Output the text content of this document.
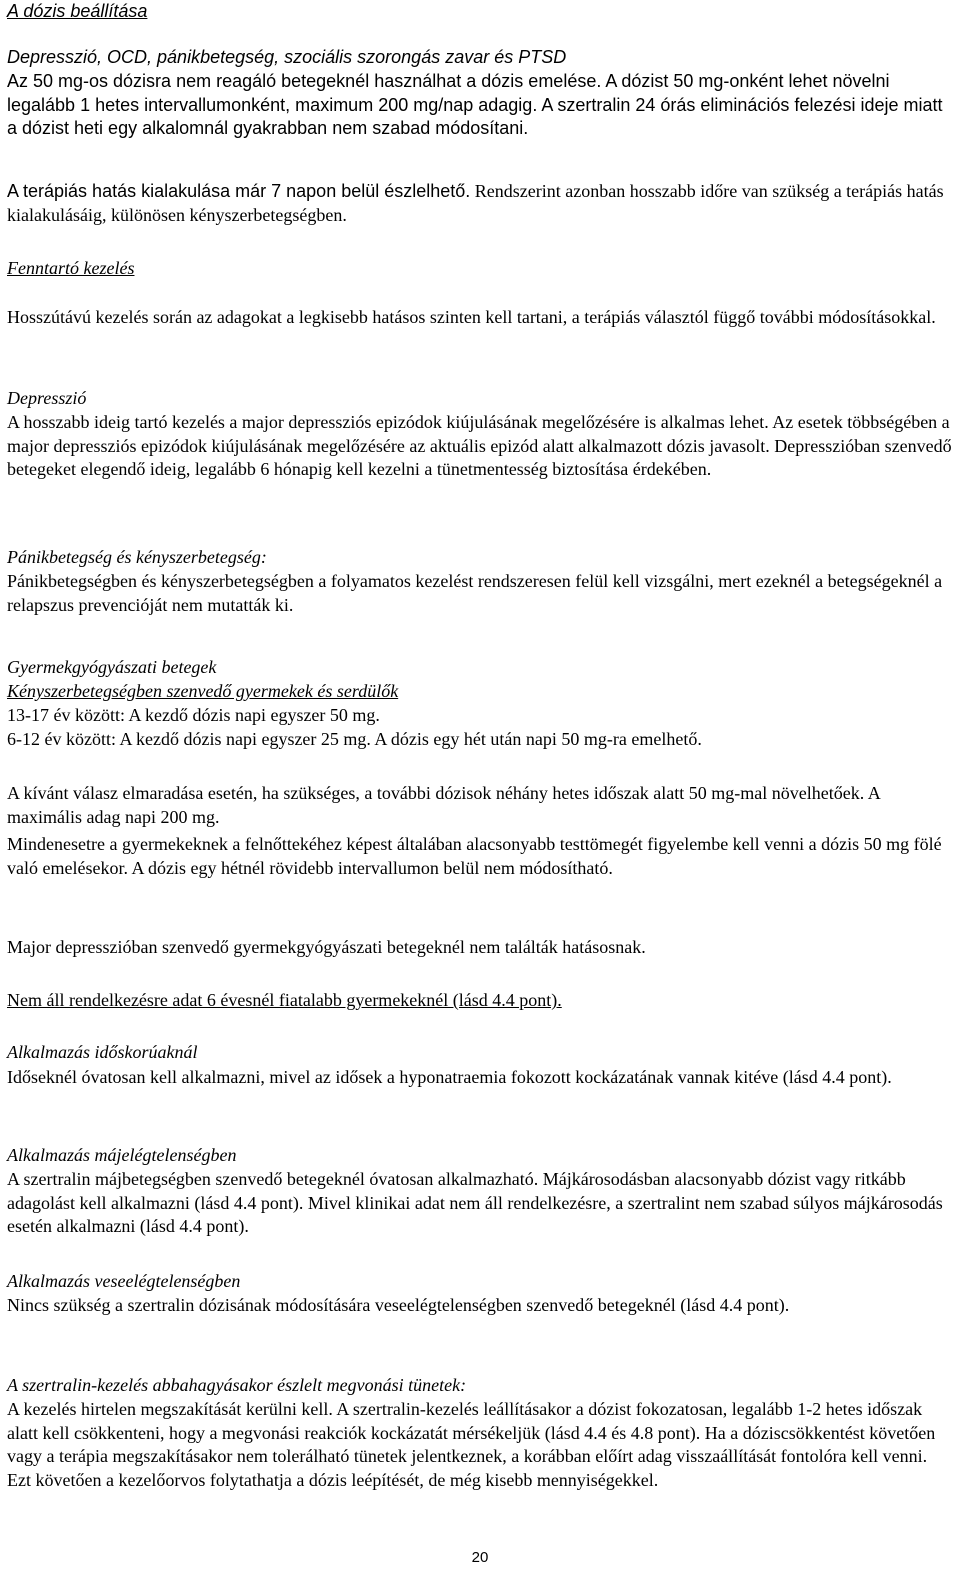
A dózis beállítása

Depresszió, OCD, pánikbetegség, szociális szorongás zavar és PTSD

Az 50 mg-os dózisra nem reagáló betegeknél használhat a dózis emelése. A dózist 50 mg-onként lehet növelni legalább 1 hetes intervallumonként, maximum 200 mg/nap adagig. A szertralin 24 órás eliminációs felezési ideje miatt a dózist heti egy alkalomnál gyakrabban nem szabad módosítani.

A terápiás hatás kialakulása már 7 napon belül észlelhető. Rendszerint azonban hosszabb időre van szükség a terápiás hatás kialakulásáig, különösen kényszerbetegségben.

Fenntartó kezelés

Hosszútávú kezelés során az adagokat a legkisebb hatásos szinten kell tartani, a terápiás választól függő további módosításokkal.

Depresszió

A hosszabb ideig tartó kezelés a major depressziós epizódok kiújulásának megelőzésére is alkalmas lehet. Az esetek többségében a major depressziós epizódok kiújulásának megelőzésére az aktuális epizód alatt alkalmazott dózis javasolt. Depresszióban szenvedő betegeket elegendő ideig, legalább 6 hónapig kell kezelni a tünetmentesség biztosítása érdekében.

Pánikbetegség és kényszerbetegség:

Pánikbetegségben és kényszerbetegségben a folyamatos kezelést rendszeresen felül kell vizsgálni, mert ezeknél a betegségeknél a relapszus prevencióját nem mutatták ki.

Gyermekgyógyászati betegek

Kényszerbetegségben szenvedő gyermekek és serdülők

13-17 év között: A kezdő dózis napi egyszer 50 mg.

6-12 év között: A kezdő dózis napi egyszer 25 mg. A dózis egy hét után napi 50 mg-ra emelhető.

A kívánt válasz elmaradása esetén, ha szükséges, a további dózisok néhány hetes időszak alatt 50 mg-mal növelhetőek. A maximális adag napi 200 mg.

Mindenesetre a gyermekeknek a felnőttekéhez képest általában alacsonyabb testtömegét figyelembe kell venni a dózis 50 mg fölé való emelésekor. A dózis egy hétnél rövidebb intervallumon belül nem módosítható.

Major depresszióban szenvedő gyermekgyógyászati betegeknél nem találták hatásosnak.

Nem áll rendelkezésre adat 6 évesnél fiatalabb gyermekeknél (lásd 4.4 pont).

Alkalmazás időskorúaknál

Időseknél óvatosan kell alkalmazni, mivel az idősek a hyponatraemia fokozott kockázatának vannak kitéve (lásd 4.4 pont).

Alkalmazás májelégtelenségben

A szertralin májbetegségben szenvedő betegeknél óvatosan alkalmazható. Májkárosodásban alacsonyabb dózist vagy ritkább adagolást kell alkalmazni (lásd 4.4 pont). Mivel klinikai adat nem áll rendelkezésre, a szertralint nem szabad súlyos májkárosodás esetén alkalmazni (lásd 4.4 pont).

Alkalmazás veseelégtelenségben

Nincs szükség a szertralin dózisának módosítására veseelégtelenségben szenvedő betegeknél (lásd 4.4 pont).

A szertralin-kezelés abbahagyásakor észlelt megvonási tünetek:

A kezelés hirtelen megszakítását kerülni kell. A szertralin-kezelés leállításakor a dózist fokozatosan, legalább 1-2 hetes időszak alatt kell csökkenteni, hogy a megvonási reakciók kockázatát mérsékeljük (lásd 4.4 és 4.8 pont). Ha a dóziscsökkentést követően vagy a terápia megszakításakor nem tolerálható tünetek jelentkeznek, a korábban előírt adag visszaállítását fontolóra kell venni. Ezt követően a kezelőorvos folytathatja a dózis leépítését, de még kisebb mennyiségekkel.

20
